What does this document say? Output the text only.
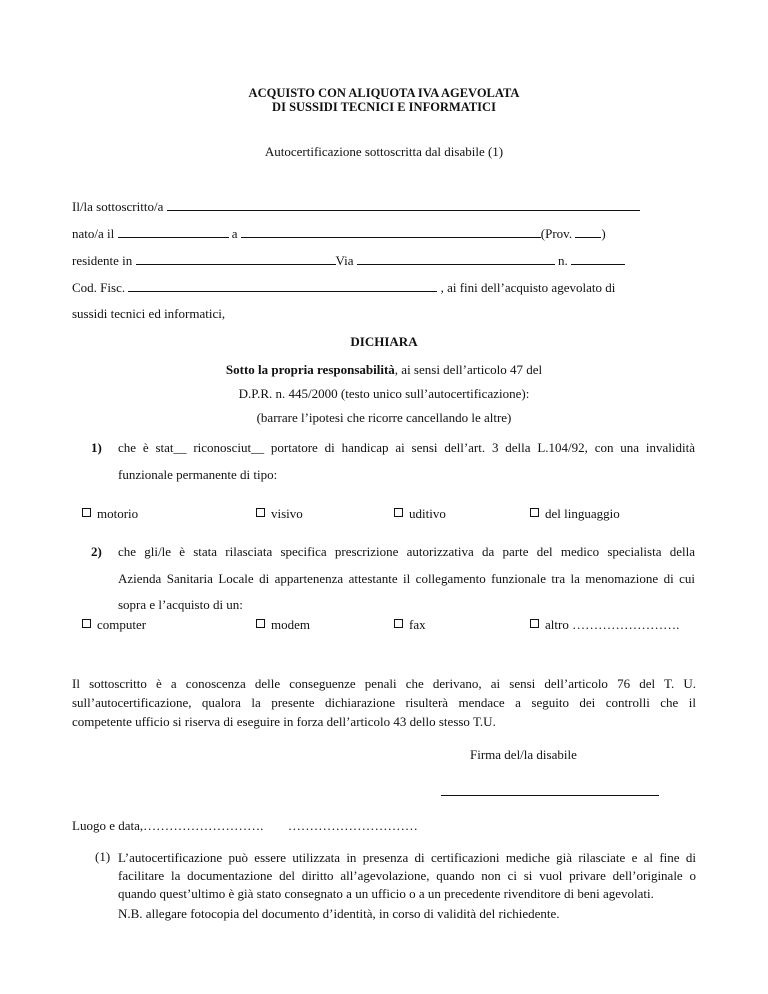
ACQUISTO CON ALIQUOTA IVA AGEVOLATA
DI SUSSIDI TECNICI E INFORMATICI
Autocertificazione sottoscritta dal disabile (1)
Il/la sottoscritto/a
nato/a il	a	(Prov. )
residente in	Via	n.
Cod. Fisc.	, ai fini dell’acquisto agevolato di
sussidi tecnici ed informatici,
DICHIARA
Sotto la propria responsabilità, ai sensi dell’articolo 47 del
D.P.R. n. 445/2000 (testo unico sull’autocertificazione):
(barrare l’ipotesi che ricorre cancellando le altre)
1) che è stat__ riconosciut__ portatore di handicap ai sensi dell’art. 3 della L.104/92, con una invalidità
funzionale permanente di tipo:
motorio	visivo	uditivo	del linguaggio
2) che gli/le è stata rilasciata specifica prescrizione autorizzativa da parte del medico specialista della
Azienda Sanitaria Locale di appartenenza attestante il collegamento funzionale tra la menomazione di cui
sopra e l’acquisto di un:
computer	modem	fax	altro …………………….
Il sottoscritto è a conoscenza delle conseguenze penali che derivano, ai sensi dell’articolo 76 del T. U.
sull’autocertificazione, qualora la presente dichiarazione risulterà mendace a seguito dei controlli che il
competente ufficio si riserva di eseguire in forza dell’articolo 43 dello stesso T.U.
Firma del/la disabile
Luogo e data,………………………. …………………………
(1) L’autocertificazione può essere utilizzata in presenza di certificazioni mediche già rilasciate e al fine di
facilitare la documentazione del diritto all’agevolazione, quando non ci si vuol privare dell’originale o
quando quest’ultimo è già stato consegnato a un ufficio o a un precedente rivenditore di beni agevolati.
N.B. allegare fotocopia del documento d’identità, in corso di validità del richiedente.
